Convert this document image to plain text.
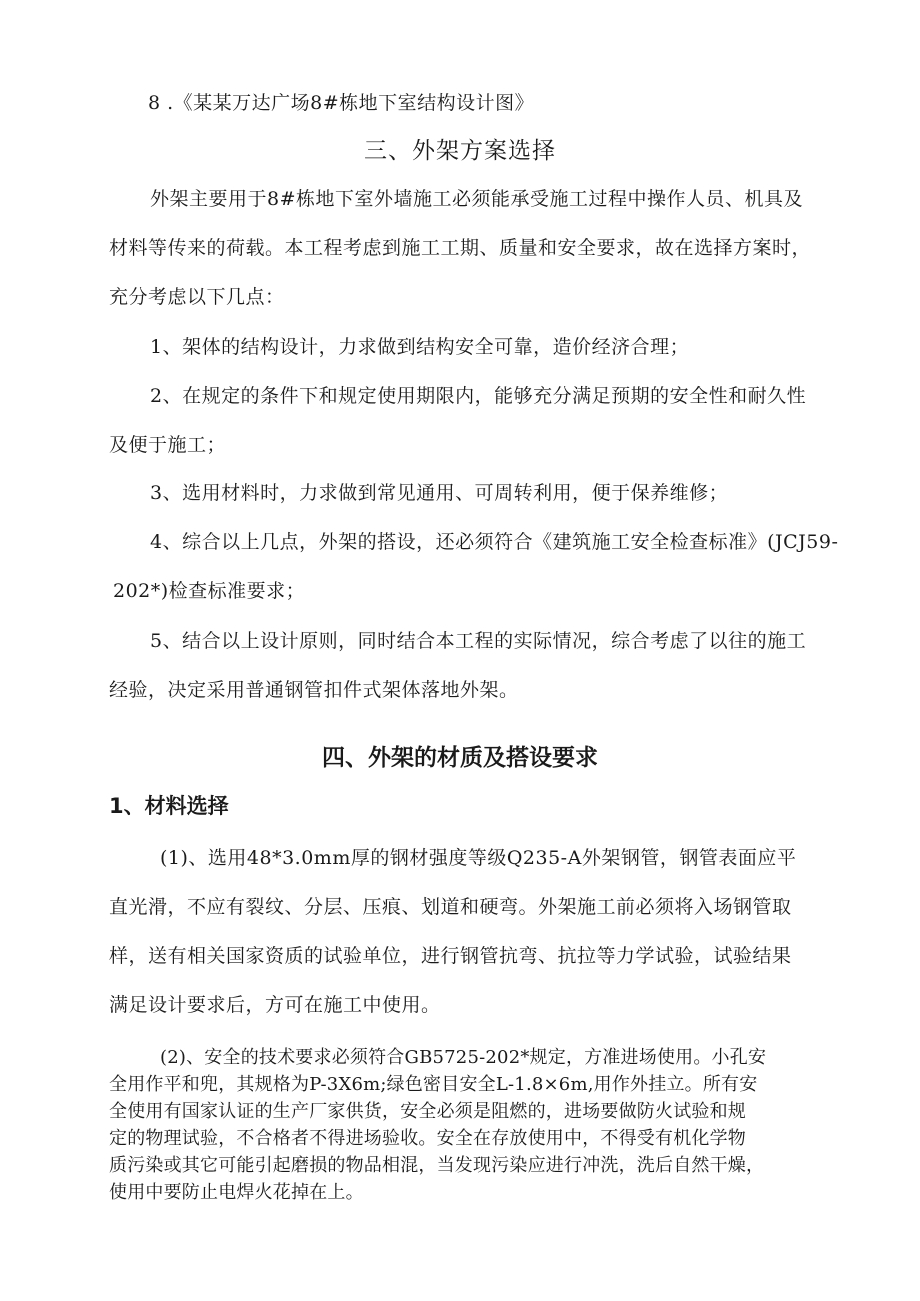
8 .《某某万达广场8#栋地下室结构设计图》
三、外架方案选择
外架主要用于8#栋地下室外墙施工必须能承受施工过程中操作人员、机具及
材料等传来的荷载。本工程考虑到施工工期、质量和安全要求，故在选择方案时，
充分考虑以下几点：
1、架体的结构设计，力求做到结构安全可靠，造价经济合理；
2、在规定的条件下和规定使用期限内，能够充分满足预期的安全性和耐久性
及便于施工；
3、选用材料时，力求做到常见通用、可周转利用，便于保养维修；
4、综合以上几点，外架的搭设，还必须符合《建筑施工安全检查标准》(JCJ59-
202*)检查标准要求；
5、结合以上设计原则，同时结合本工程的实际情况，综合考虑了以往的施工
经验，决定采用普通钢管扣件式架体落地外架。
四、外架的材质及搭设要求
1、材料选择
(1)、选用48*3.0mm厚的钢材强度等级Q235-A外架钢管，钢管表面应平
直光滑，不应有裂纹、分层、压痕、划道和硬弯。外架施工前必须将入场钢管取
样，送有相关国家资质的试验单位，进行钢管抗弯、抗拉等力学试验，试验结果
满足设计要求后，方可在施工中使用。
(2)、安全的技术要求必须符合GB5725-202*规定，方准进场使用。小孔安
全用作平和兜，其规格为P-3X6m;绿色密目安全L-1.8×6m,用作外挂立。所有安
全使用有国家认证的生产厂家供货，安全必须是阻燃的，进场要做防火试验和规
定的物理试验，不合格者不得进场验收。安全在存放使用中，不得受有机化学物
质污染或其它可能引起磨损的物品相混，当发现污染应进行冲洗，洗后自然干燥，
使用中要防止电焊火花掉在上。
